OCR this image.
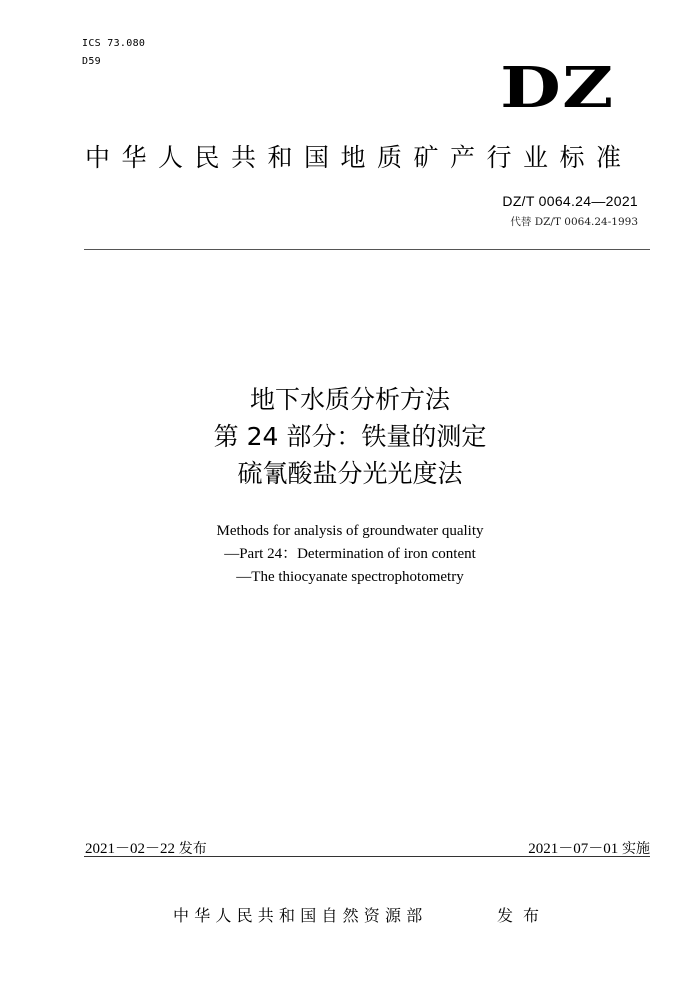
ICS 73.080
D59	DZ
中华人民共和国地质矿产行业标准
DZ/T 0064.24—2021
代替 DZ/T 0064.24-1993
地下水质分析方法
第 24 部分：铁量的测定
硫氰酸盐分光光度法
Methods for analysis of groundwater quality
—Part 24：Determination of iron content
—The thiocyanate spectrophotometry
2021－02－22 发布	2021－07－01 实施
中华人民共和国自然资源部	发布
